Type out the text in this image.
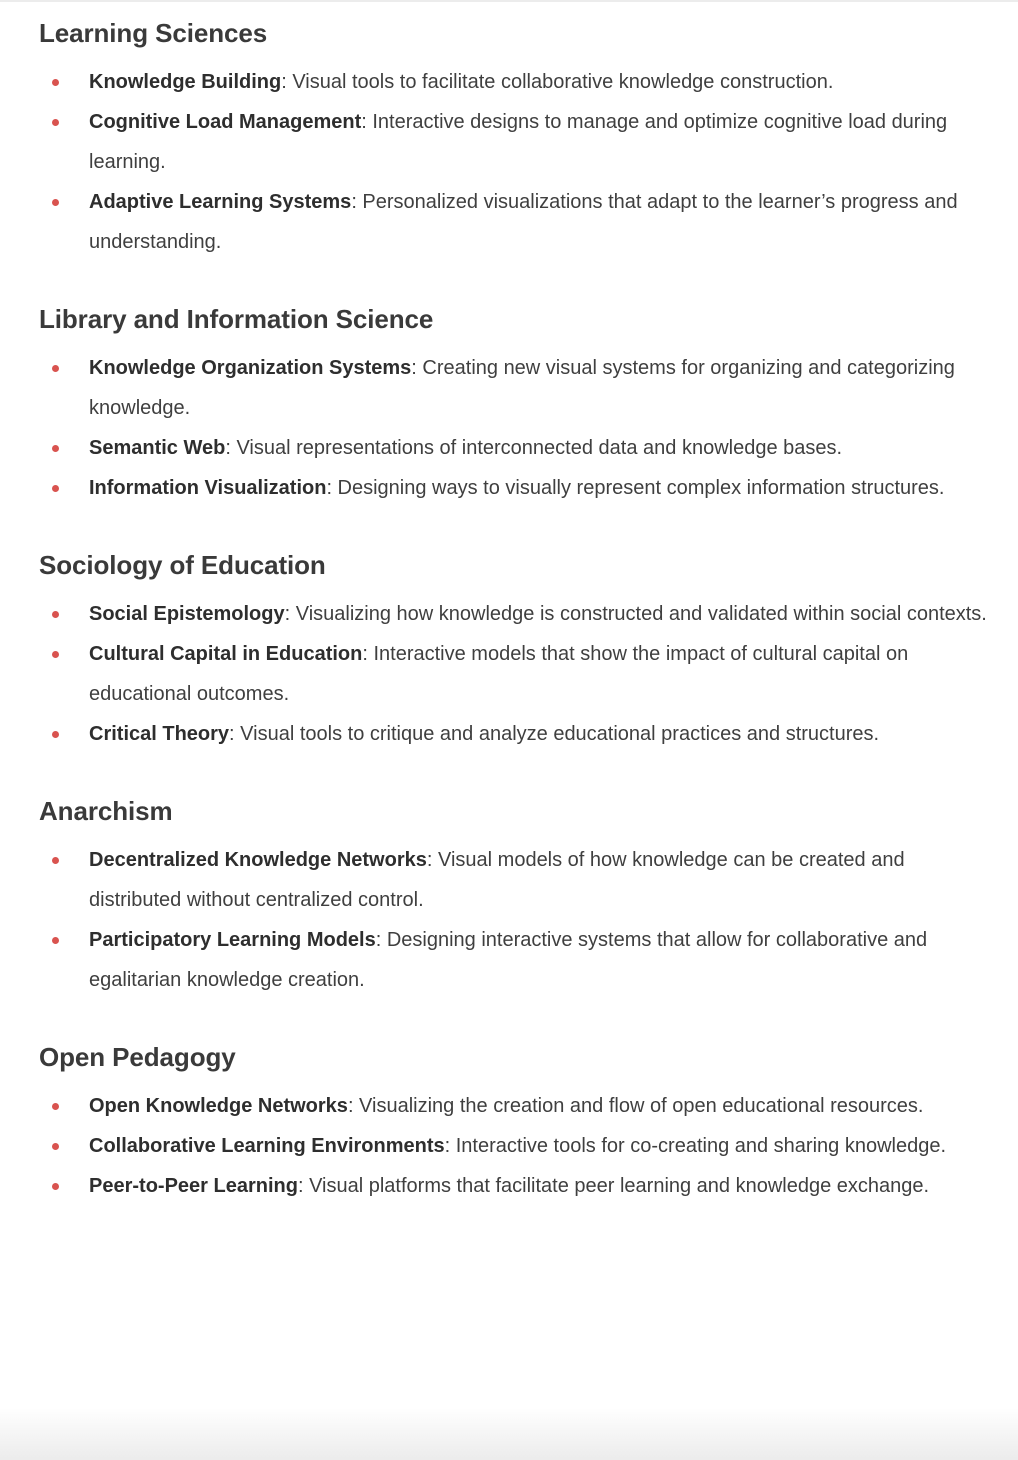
Learning Sciences
Knowledge Building: Visual tools to facilitate collaborative knowledge construction.
Cognitive Load Management: Interactive designs to manage and optimize cognitive load during learning.
Adaptive Learning Systems: Personalized visualizations that adapt to the learner’s progress and understanding.
Library and Information Science
Knowledge Organization Systems: Creating new visual systems for organizing and categorizing knowledge.
Semantic Web: Visual representations of interconnected data and knowledge bases.
Information Visualization: Designing ways to visually represent complex information structures.
Sociology of Education
Social Epistemology: Visualizing how knowledge is constructed and validated within social contexts.
Cultural Capital in Education: Interactive models that show the impact of cultural capital on educational outcomes.
Critical Theory: Visual tools to critique and analyze educational practices and structures.
Anarchism
Decentralized Knowledge Networks: Visual models of how knowledge can be created and distributed without centralized control.
Participatory Learning Models: Designing interactive systems that allow for collaborative and egalitarian knowledge creation.
Open Pedagogy
Open Knowledge Networks: Visualizing the creation and flow of open educational resources.
Collaborative Learning Environments: Interactive tools for co-creating and sharing knowledge.
Peer-to-Peer Learning: Visual platforms that facilitate peer learning and knowledge exchange.
